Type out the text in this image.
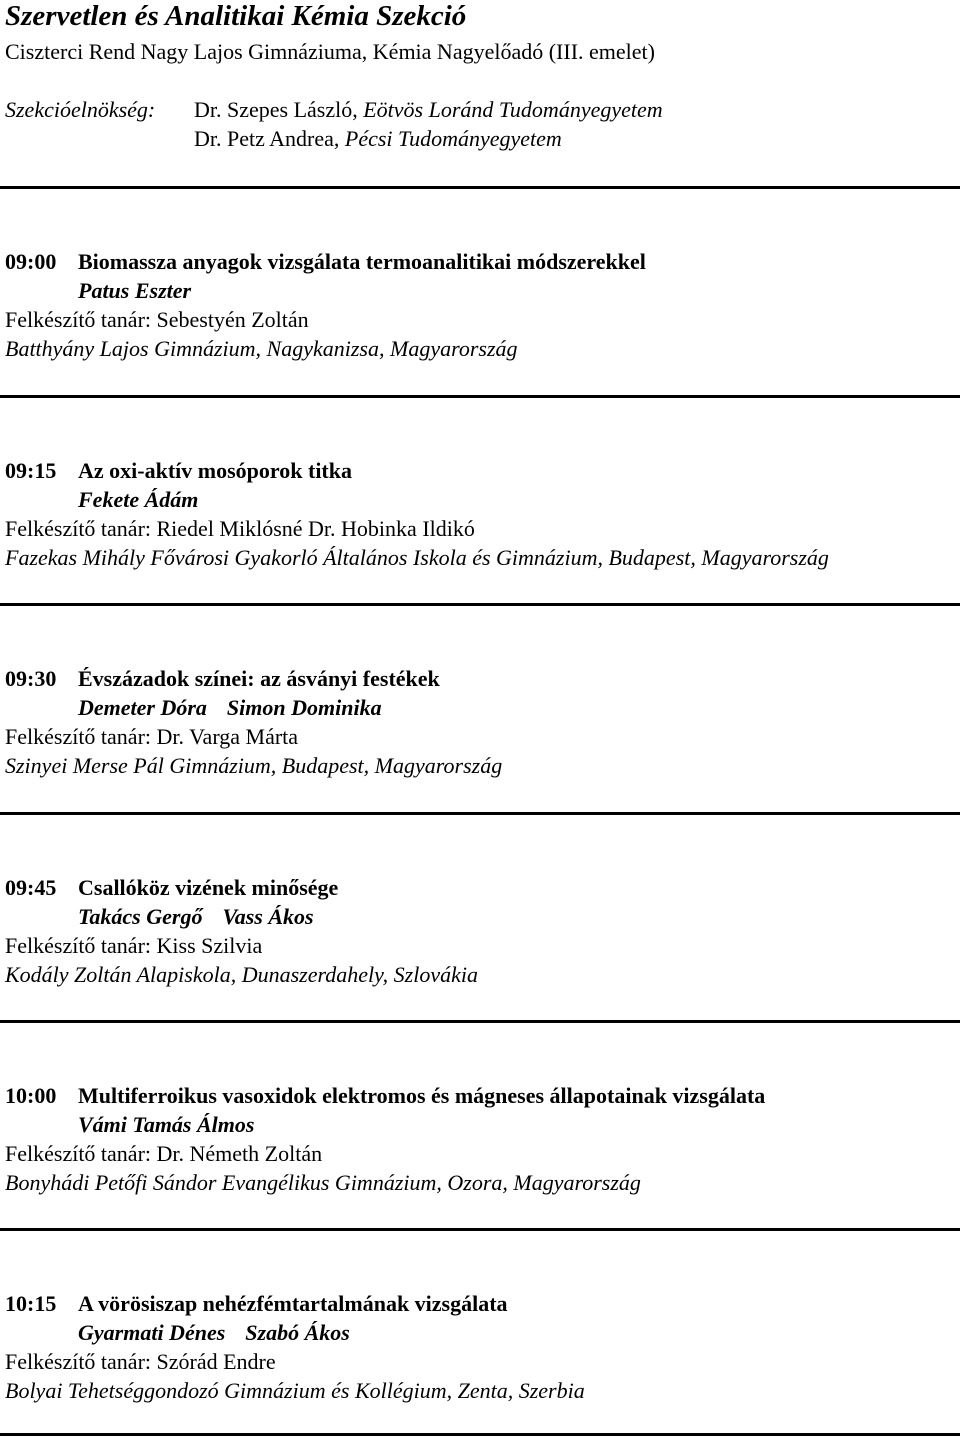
Szervetlen és Analitikai Kémia Szekció
Ciszterci Rend Nagy Lajos Gimnáziuma, Kémia Nagyelőadó (III. emelet)
Szekcióelnökség: Dr. Szepes László, Eötvös Loránd Tudományegyetem
Dr. Petz Andrea, Pécsi Tudományegyetem
09:00 Biomassza anyagok vizsgálata termoanalitikai módszerekkel
Patus Eszter
Felkészítő tanár: Sebestyén Zoltán
Batthyány Lajos Gimnázium, Nagykanizsa, Magyarország
09:15 Az oxi-aktív mosóporok titka
Fekete Ádám
Felkészítő tanár: Riedel Miklósné Dr. Hobinka Ildikó
Fazekas Mihály Fővárosi Gyakorló Általános Iskola és Gimnázium, Budapest, Magyarország
09:30 Évszázadok színei: az ásványi festékek
Demeter Dóra Simon Dominika
Felkészítő tanár: Dr. Varga Márta
Szinyei Merse Pál Gimnázium, Budapest, Magyarország
09:45 Csallóköz vizének minősége
Takács Gergő Vass Ákos
Felkészítő tanár: Kiss Szilvia
Kodály Zoltán Alapiskola, Dunaszerdahely, Szlovákia
10:00 Multiferroikus vasoxidok elektromos és mágneses állapotainak vizsgálata
Vámi Tamás Álmos
Felkészítő tanár: Dr. Németh Zoltán
Bonyhádi Petőfi Sándor Evangélikus Gimnázium, Ozora, Magyarország
10:15 A vörösiszap nehézfémtartalmának vizsgálata
Gyarmati Dénes Szabó Ákos
Felkészítő tanár: Szórád Endre
Bolyai Tehetséggondozó Gimnázium és Kollégium, Zenta, Szerbia
